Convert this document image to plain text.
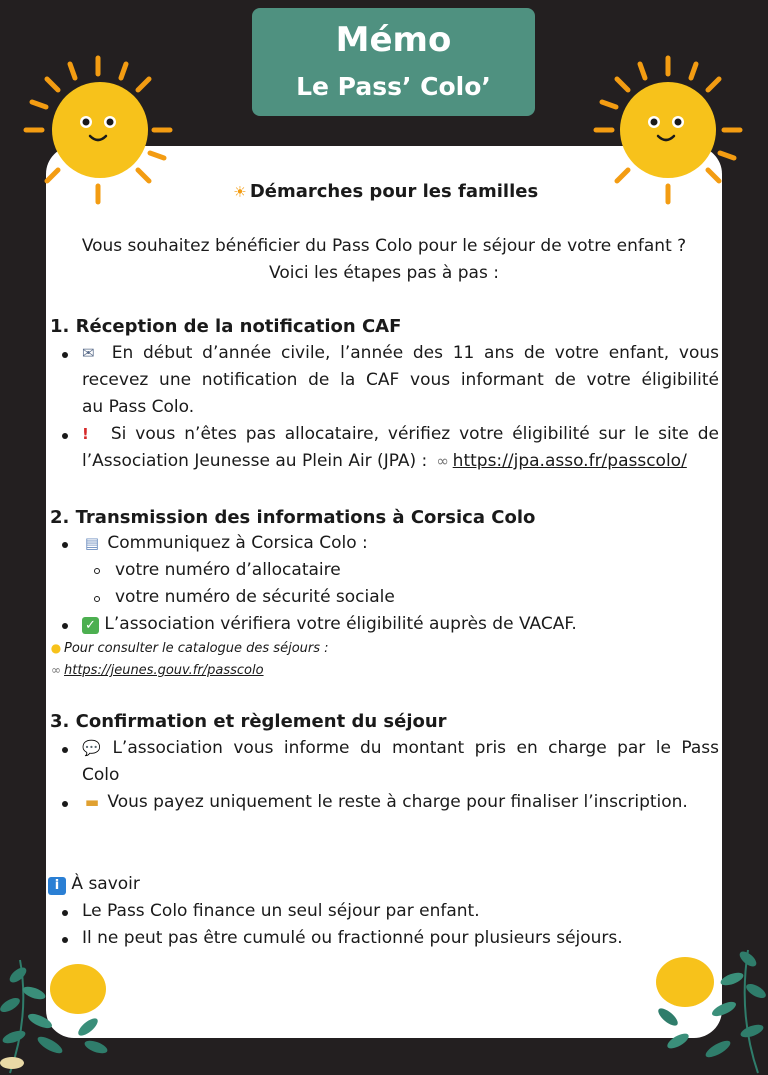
Mémo
Le Pass’ Colo’
☀ Démarches pour les familles
Vous souhaitez bénéficier du Pass Colo pour le séjour de votre enfant ?
Voici les étapes pas à pas :
1. Réception de la notification CAF
✉ En début d’année civile, l’année des 11 ans de votre enfant, vous
recevez une notification de la CAF vous informant de votre éligibilité
au Pass Colo.
! Si vous n’êtes pas allocataire, vérifiez votre éligibilité sur le site de
l’Association Jeunesse au Plein Air (JPA) : ∞ https://jpa.asso.fr/passcolo/
2. Transmission des informations à Corsica Colo
▤ Communiquez à Corsica Colo :
votre numéro d’allocataire
votre numéro de sécurité sociale
✓ L’association vérifiera votre éligibilité auprès de VACAF.
● Pour consulter le catalogue des séjours :
∞ https://jeunes.gouv.fr/passcolo
3. Confirmation et règlement du séjour
💬 L’association vous informe du montant pris en charge par le Pass
Colo
▬ Vous payez uniquement le reste à charge pour finaliser l’inscription.
i À savoir
Le Pass Colo finance un seul séjour par enfant.
Il ne peut pas être cumulé ou fractionné pour plusieurs séjours.
